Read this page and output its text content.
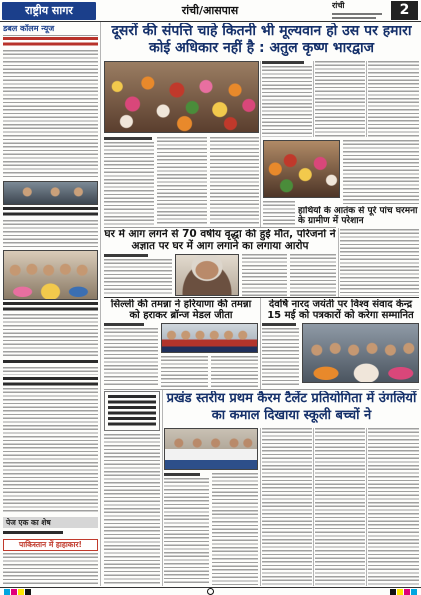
राष्ट्रीय सागर	रांची/आसपास	रांची	2
डबल कॉलम न्यूज
पेज एक का शेष
पाकिस्तान में हाहाकार!
दूसरों की संपत्ति चाहे कितनी भी मूल्यवान हो उस पर हमारा कोई अधिकार नहीं है : अतुल कृष्ण भारद्वाज
हाथियों के आतंक से पूरे पांच घरमना के ग्रामीण में परेशान
घर में आग लगने से 70 वर्षीय वृद्धा की हुई मौत, परिजनों ने अज्ञात पर घर में आग लगाने का लगाया आरोप
सिल्ली की तमन्ना ने हरियाणा की तमन्ना को हराकर ब्रॉन्ज मेडल जीता
देवर्षि नारद जयंती पर विश्व संवाद केन्द्र 15 मई को पत्रकारों को करेगा सम्मानित
प्रखंड स्तरीय प्रथम कैरम टैलेंट प्रतियोगिता में उंगलियों का कमाल दिखाया स्कूली बच्चों ने
